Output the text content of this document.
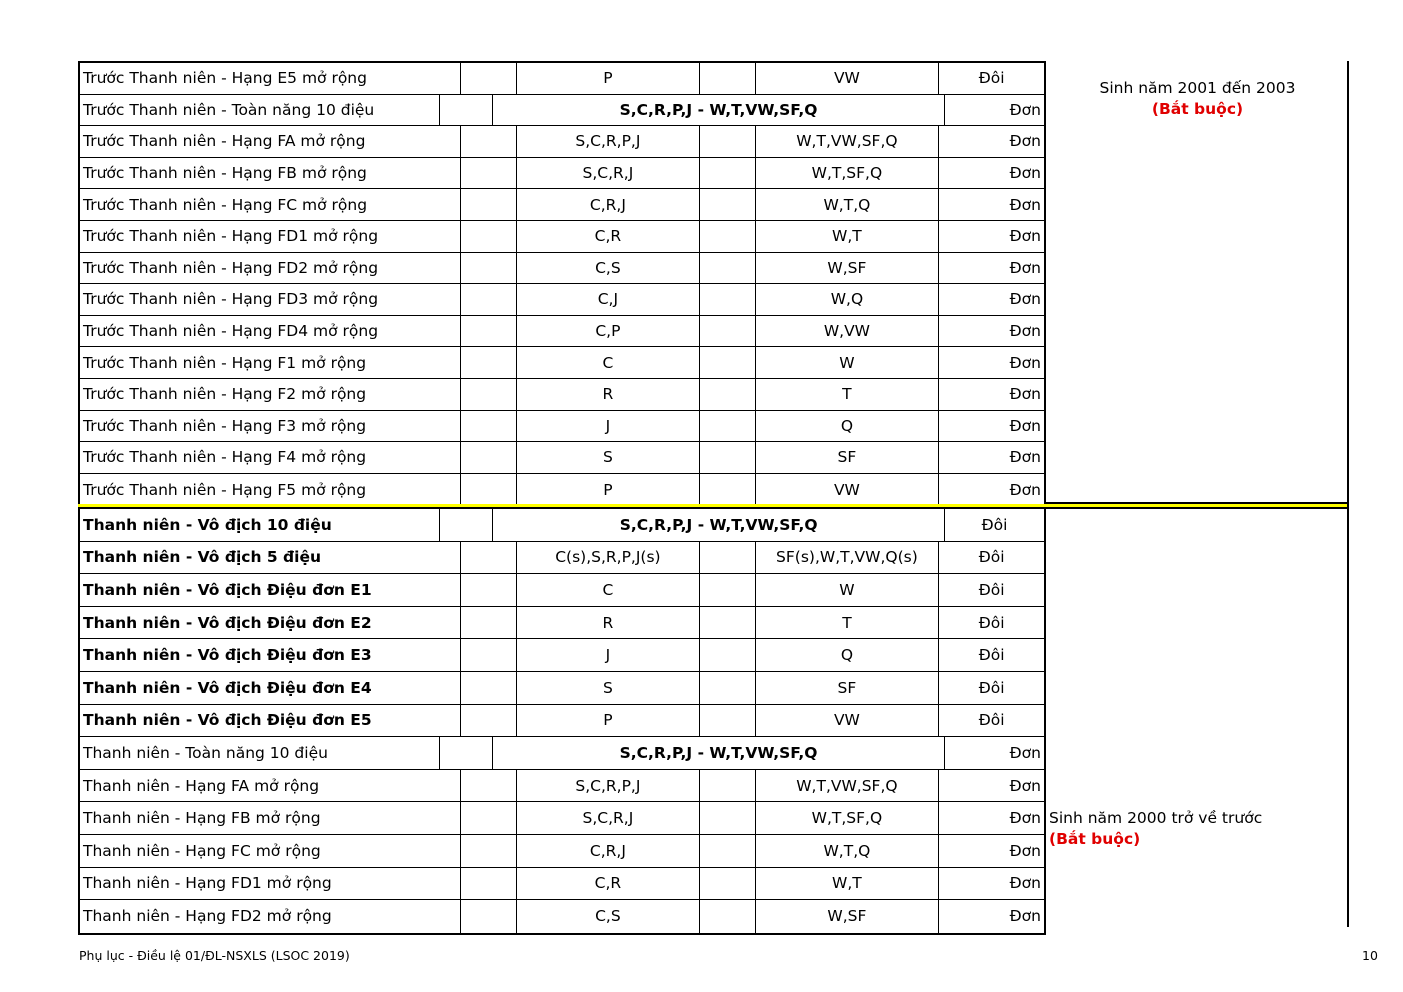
Trước Thanh niên - Hạng E5 mở rộng	P	VW	Đôi
Trước Thanh niên - Toàn năng 10 điệu	S,C,R,P,J - W,T,VW,SF,Q	Đơn
Trước Thanh niên - Hạng FA mở rộng	S,C,R,P,J	W,T,VW,SF,Q	Đơn
Trước Thanh niên - Hạng FB mở rộng	S,C,R,J	W,T,SF,Q	Đơn
Trước Thanh niên - Hạng FC mở rộng	C,R,J	W,T,Q	Đơn
Trước Thanh niên - Hạng FD1 mở rộng	C,R	W,T	Đơn
Trước Thanh niên - Hạng FD2 mở rộng	C,S	W,SF	Đơn
Trước Thanh niên - Hạng FD3 mở rộng	C,J	W,Q	Đơn
Trước Thanh niên - Hạng FD4 mở rộng	C,P	W,VW	Đơn
Trước Thanh niên - Hạng F1 mở rộng	C	W	Đơn
Trước Thanh niên - Hạng F2 mở rộng	R	T	Đơn
Trước Thanh niên - Hạng F3 mở rộng	J	Q	Đơn
Trước Thanh niên - Hạng F4 mở rộng	S	SF	Đơn
Trước Thanh niên - Hạng F5 mở rộng	P	VW	Đơn
Thanh niên - Vô địch 10 điệu	S,C,R,P,J - W,T,VW,SF,Q	Đôi
Thanh niên - Vô địch 5 điệu	C(s),S,R,P,J(s)	SF(s),W,T,VW,Q(s)	Đôi
Thanh niên - Vô địch Điệu đơn E1	C	W	Đôi
Thanh niên - Vô địch Điệu đơn E2	R	T	Đôi
Thanh niên - Vô địch Điệu đơn E3	J	Q	Đôi
Thanh niên - Vô địch Điệu đơn E4	S	SF	Đôi
Thanh niên - Vô địch Điệu đơn E5	P	VW	Đôi
Thanh niên - Toàn năng 10 điệu	S,C,R,P,J - W,T,VW,SF,Q	Đơn
Thanh niên - Hạng FA mở rộng	S,C,R,P,J	W,T,VW,SF,Q	Đơn
Thanh niên - Hạng FB mở rộng	S,C,R,J	W,T,SF,Q	Đơn
Thanh niên - Hạng FC mở rộng	C,R,J	W,T,Q	Đơn
Thanh niên - Hạng FD1 mở rộng	C,R	W,T	Đơn
Thanh niên - Hạng FD2 mở rộng	C,S	W,SF	Đơn
Sinh năm 2001 đến 2003
(Bắt buộc)
Sinh năm 2000 trở về trước
(Bắt buộc)
Phụ lục - Điều lệ 01/ĐL-NSXLS (LSOC 2019)	10
